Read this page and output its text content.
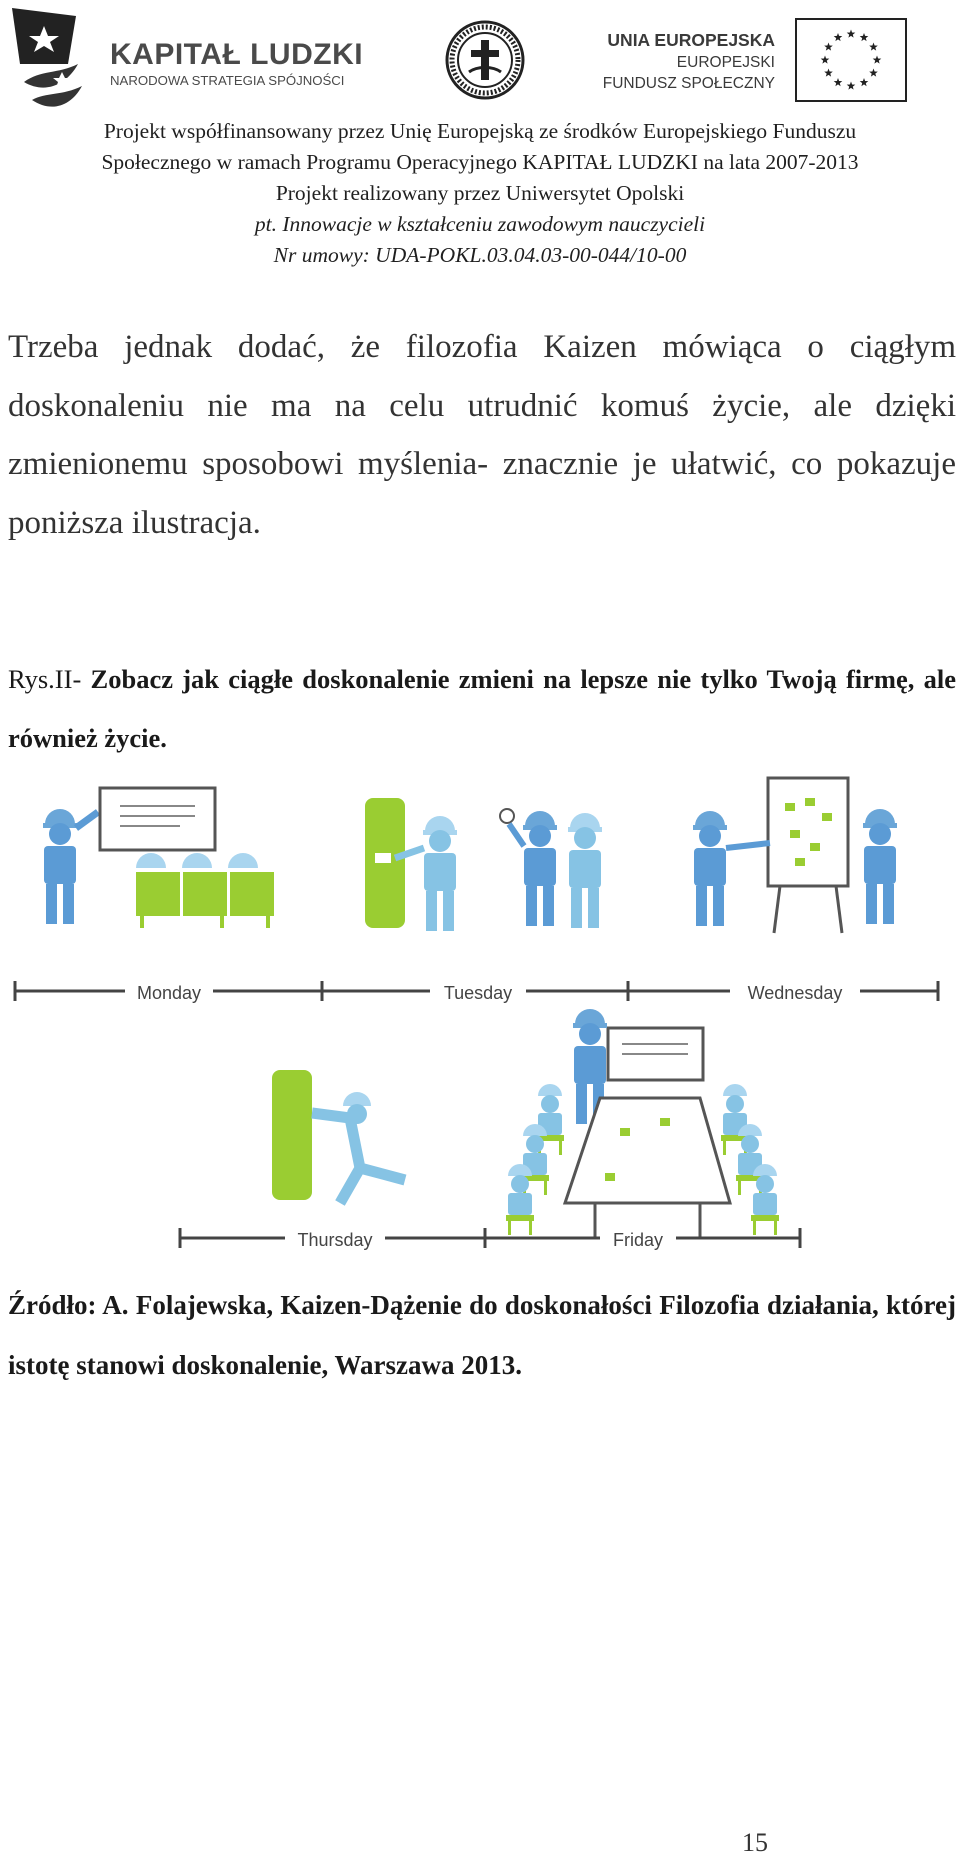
KAPITAŁ LUDZKI
NARODOWA STRATEGIA SPÓJNOŚCI
UNIA EUROPEJSKA
EUROPEJSKI
FUNDUSZ SPOŁECZNY
Projekt współfinansowany przez Unię Europejską ze środków Europejskiego Funduszu
Społecznego w ramach Programu Operacyjnego KAPITAŁ LUDZKI na lata 2007-2013
Projekt realizowany przez Uniwersytet Opolski
pt. Innowacje w kształceniu zawodowym nauczycieli
Nr umowy: UDA-POKL.03.04.03-00-044/10-00
Trzeba jednak dodać, że filozofia Kaizen mówiąca o ciągłym doskonaleniu nie ma na celu utrudnić komuś życie, ale dzięki zmienionemu sposobowi myślenia- znacznie je ułatwić, co pokazuje poniższa ilustracja.
Rys.II- Zobacz jak ciągłe doskonalenie zmieni na lepsze nie tylko Twoją firmę, ale również życie.
Monday	Tuesday	Wednesday
Thursday	Friday
Źródło: A. Folajewska, Kaizen-Dążenie do doskonałości Filozofia działania, której istotę stanowi doskonalenie, Warszawa 2013.
15
